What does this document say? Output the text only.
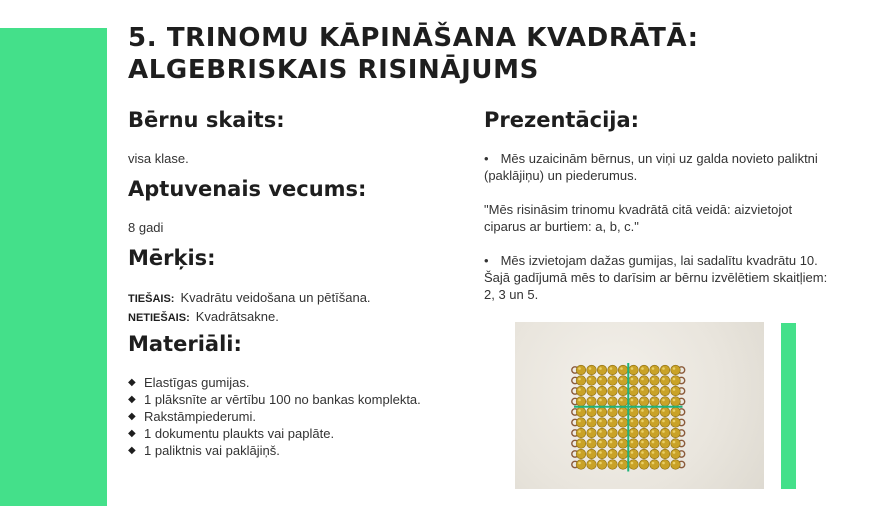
5. TRINOMU KĀPINĀŠANA KVADRĀTĀ:
ALGEBRISKAIS RISINĀJUMS
Bērnu skaits:

visa klase.

Aptuvenais vecums:

8 gadi

Mērķis:
TIEŠAIS: Kvadrātu veidošana un pētīšana.
NETIEŠAIS: Kvadrātsakne.
Materiāli:
◆ Elastīgas gumijas.
◆ 1 plāksnīte ar vērtību 100 no bankas komplekta.
◆ Rakstāmpiederumi.
◆ 1 dokumentu plaukts vai paplāte.
◆ 1 paliktnis vai paklājiņš.
Prezentācija:

• Mēs uzaicinām bērnus, un viņi uz galda novieto paliktni (paklājiņu) un piederumus.

"Mēs risināsim trinomu kvadrātā citā veidā: aizvietojot ciparus ar burtiem: a, b, c."

• Mēs izvietojam dažas gumijas, lai sadalītu kvadrātu 10. Šajā gadījumā mēs to darīsim ar bērnu izvēlētiem skaitļiem: 2, 3 un 5.
